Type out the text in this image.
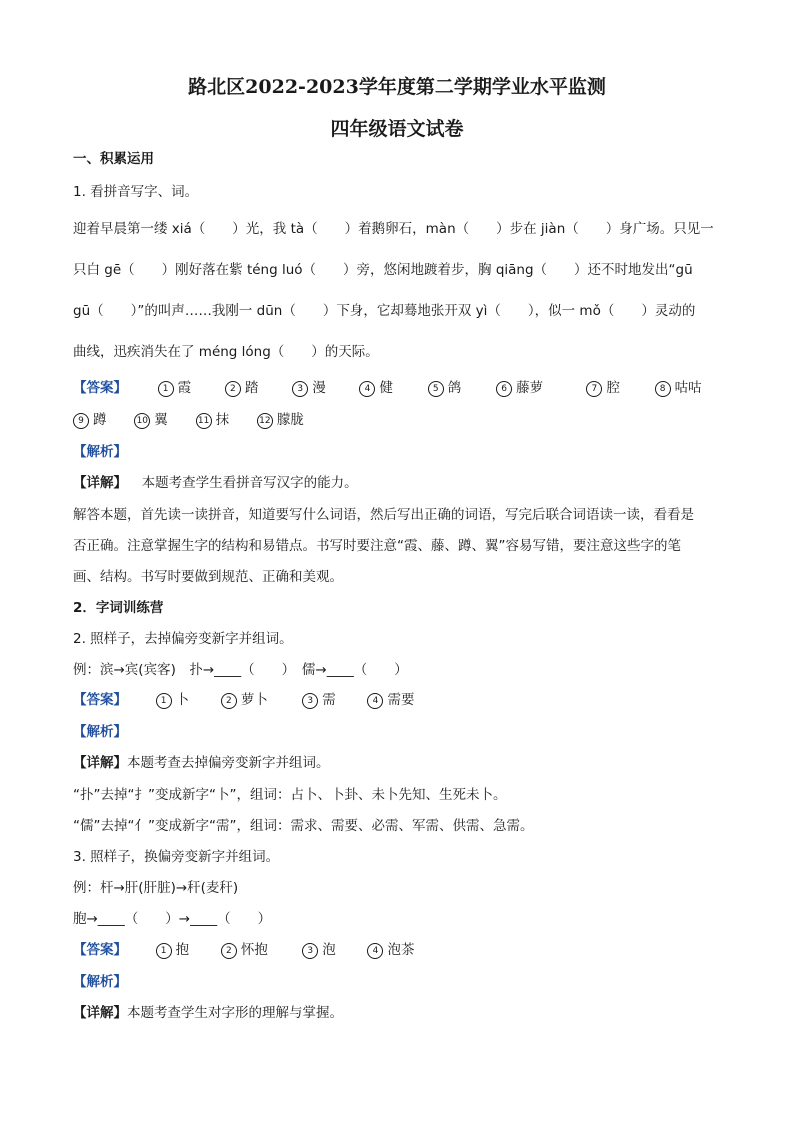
路北区2022-2023学年度第二学期学业水平监测
四年级语文试卷
一、积累运用
1. 看拼音写字、词。
迎着早晨第一缕 xiá（　　）光，我 tà（　　）着鹅卵石，màn（　　）步在 jiàn（　　）身广场。只见一
只白 gē（　　）刚好落在紫 téng luó（　　）旁，悠闲地踱着步，胸 qiāng（　　）还不时地发出“gū
gū（　　）”的叫声……我刚一 dūn（　　）下身，它却蓦地张开双 yì（　　），似一 mǒ（　　）灵动的
曲线，迅疾消失在了 méng lóng（　　）的天际。
【答案】	1 霞	2 踏	3 漫	4 健	5 鸽	6 藤萝	7 腔	8 咕咕
9 蹲	10 翼	11 抹	12 朦胧
【解析】
【详解】 本题考查学生看拼音写汉字的能力。
解答本题，首先读一读拼音，知道要写什么词语，然后写出正确的词语，写完后联合词语读一读，看看是
否正确。注意掌握生字的结构和易错点。书写时要注意“霞、藤、蹲、翼”容易写错，要注意这些字的笔
画、结构。书写时要做到规范、正确和美观。
2．字词训练营
2. 照样子，去掉偏旁变新字并组词。
例：滨→宾(宾客)　扑→____（　　）　儒→____（　　）
【答案】	1 卜	2 萝卜	3 需	4 需要
【解析】
【详解】本题考查去掉偏旁变新字并组词。
“扑”去掉“扌”变成新字“卜”，组词：占卜、卜卦、未卜先知、生死未卜。
“儒”去掉“亻”变成新字“需”，组词：需求、需要、必需、军需、供需、急需。
3. 照样子，换偏旁变新字并组词。
例：杆→肝(肝脏)→秆(麦秆)
胞→____（　　）→____（　　）
【答案】	1 抱	2 怀抱	3 泡	4 泡茶
【解析】
【详解】本题考查学生对字形的理解与掌握。
